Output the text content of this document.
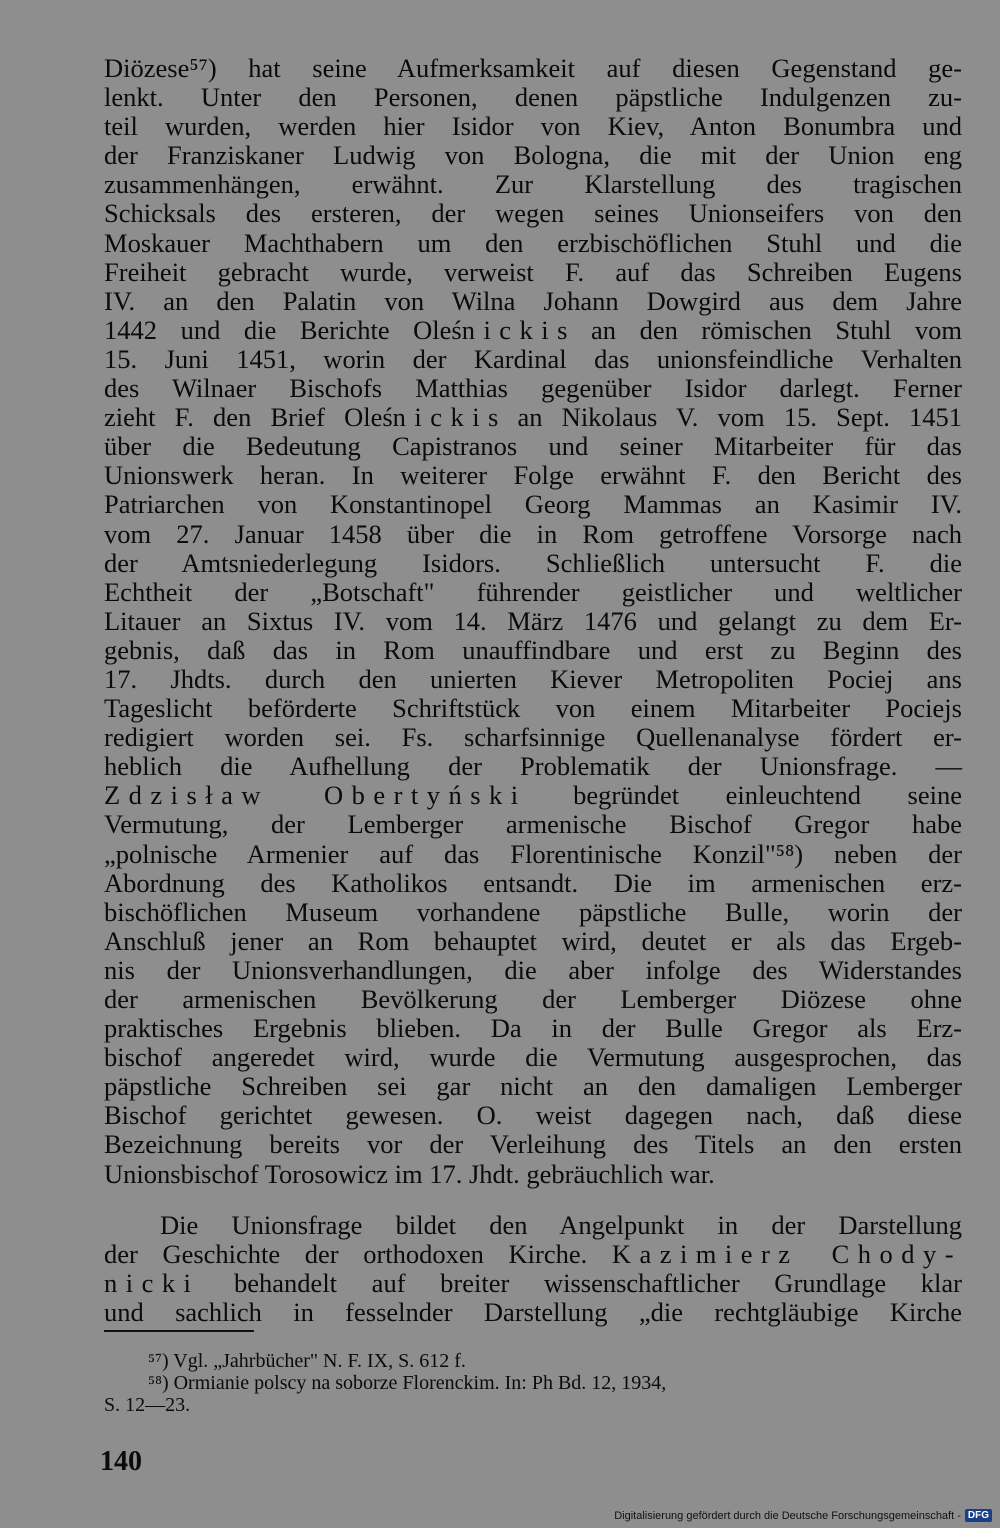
Diözese⁵⁷) hat seine Aufmerksamkeit auf diesen Gegenstand ge-
lenkt. Unter den Personen, denen päpstliche Indulgenzen zu-
teil wurden, werden hier Isidor von Kiev, Anton Bonumbra und
der Franziskaner Ludwig von Bologna, die mit der Union eng
zusammenhängen, erwähnt. Zur Klarstellung des tragischen
Schicksals des ersteren, der wegen seines Unionseifers von den
Moskauer Machthabern um den erzbischöflichen Stuhl und die
Freiheit gebracht wurde, verweist F. auf das Schreiben Eugens
IV. an den Palatin von Wilna Johann Dowgird aus dem Jahre
1442 und die Berichte Oleśnickis an den römischen Stuhl vom
15. Juni 1451, worin der Kardinal das unionsfeindliche Verhalten
des Wilnaer Bischofs Matthias gegenüber Isidor darlegt. Ferner
zieht F. den Brief Oleśnickis an Nikolaus V. vom 15. Sept. 1451
über die Bedeutung Capistranos und seiner Mitarbeiter für das
Unionswerk heran. In weiterer Folge erwähnt F. den Bericht des
Patriarchen von Konstantinopel Georg Mammas an Kasimir IV.
vom 27. Januar 1458 über die in Rom getroffene Vorsorge nach
der Amtsniederlegung Isidors. Schließlich untersucht F. die
Echtheit der „Botschaft" führender geistlicher und weltlicher
Litauer an Sixtus IV. vom 14. März 1476 und gelangt zu dem Er-
gebnis, daß das in Rom unauffindbare und erst zu Beginn des
17. Jhdts. durch den unierten Kiever Metropoliten Pociej ans
Tageslicht beförderte Schriftstück von einem Mitarbeiter Pociejs
redigiert worden sei. Fs. scharfsinnige Quellenanalyse fördert er-
heblich die Aufhellung der Problematik der Unionsfrage. —
Zdzisław Obertyński begründet einleuchtend seine
Vermutung, der Lemberger armenische Bischof Gregor habe
„polnische Armenier auf das Florentinische Konzil"⁵⁸) neben der
Abordnung des Katholikos entsandt. Die im armenischen erz-
bischöflichen Museum vorhandene päpstliche Bulle, worin der
Anschluß jener an Rom behauptet wird, deutet er als das Ergeb-
nis der Unionsverhandlungen, die aber infolge des Widerstandes
der armenischen Bevölkerung der Lemberger Diözese ohne
praktisches Ergebnis blieben. Da in der Bulle Gregor als Erz-
bischof angeredet wird, wurde die Vermutung ausgesprochen, das
päpstliche Schreiben sei gar nicht an den damaligen Lemberger
Bischof gerichtet gewesen. O. weist dagegen nach, daß diese
Bezeichnung bereits vor der Verleihung des Titels an den ersten
Unionsbischof Torosowicz im 17. Jhdt. gebräuchlich war.
Die Unionsfrage bildet den Angelpunkt in der Darstellung
der Geschichte der orthodoxen Kirche. Kazimierz Chody-
nicki behandelt auf breiter wissenschaftlicher Grundlage klar
und sachlich in fesselnder Darstellung „die rechtgläubige Kirche
⁵⁷) Vgl. „Jahrbücher" N. F. IX, S. 612 f.
⁵⁸) Ormianie polscy na soborze Florenckim. In: Ph Bd. 12, 1934,
S. 12—23.
140
Digitalisierung gefördert durch die Deutsche Forschungsgemeinschaft - DFG
